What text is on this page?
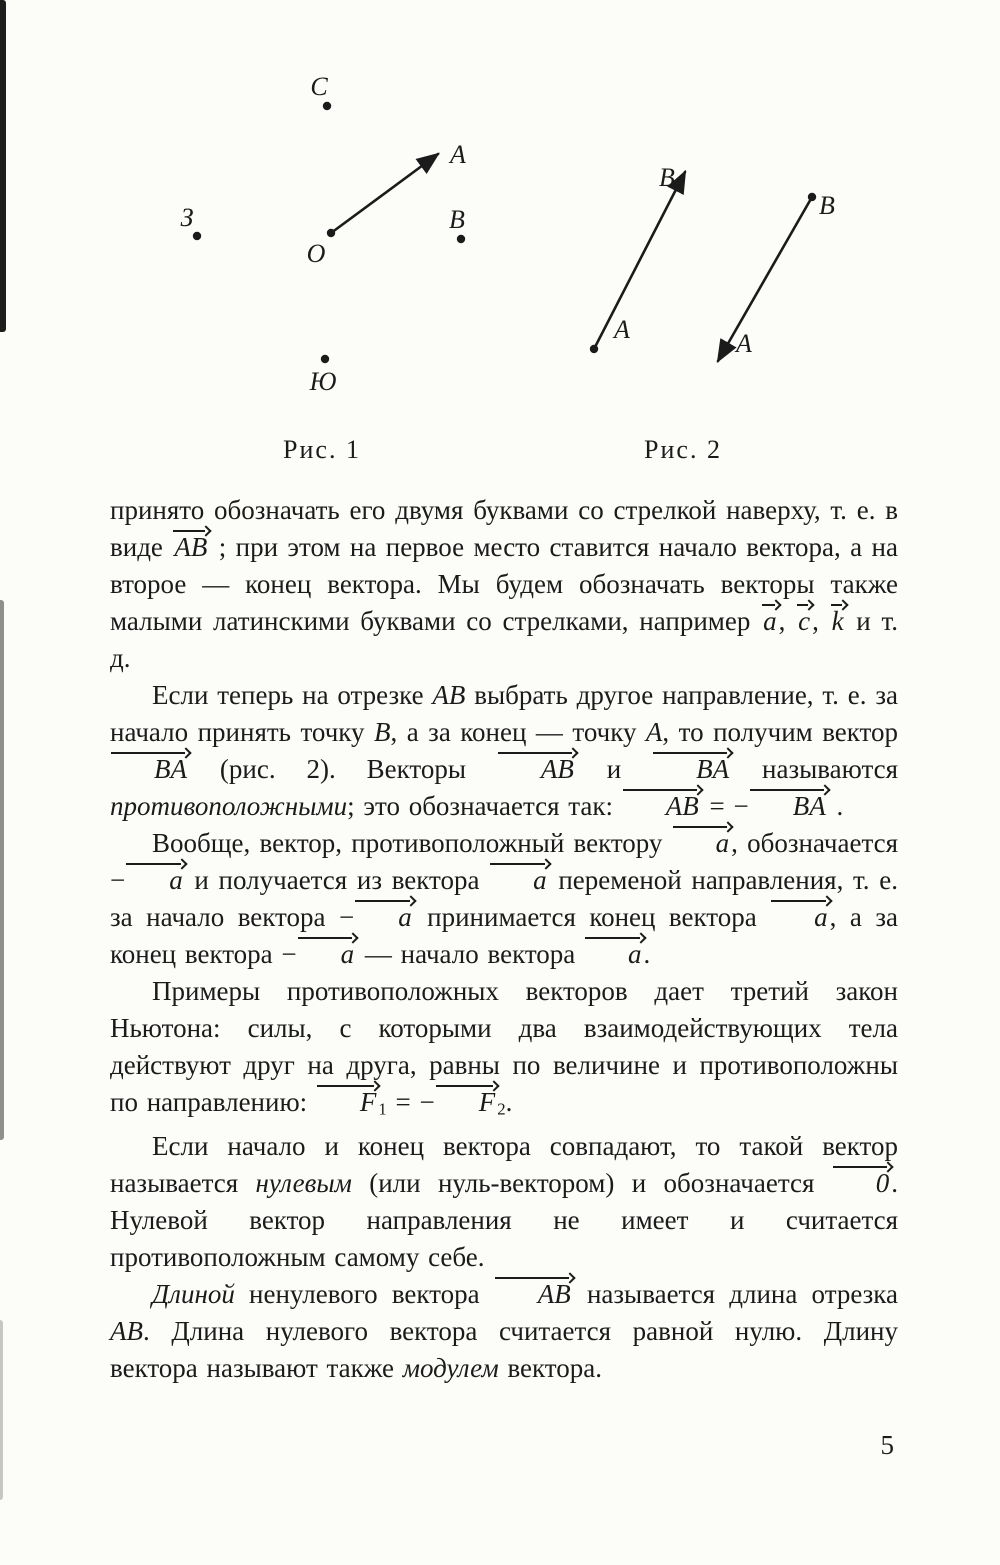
С
З
Ю
О
А
В
А
В
В
А
Рис. 1	Рис. 2

принято обозначать его двумя буквами со стрелкой наверху, т. е. в виде AB ; при этом на первое место ставится начало вектора, а на второе — конец вектора. Мы будем обозначать векторы также малыми латинскими буквами со стрелками, например a, c, k и т. д.

Если теперь на отрезке AB выбрать другое направление, т. е. за начало принять точку B, а за конец — точку A, то получим вектор BA (рис. 2). Векторы AB и BA называются противоположными; это обозначается так: AB = − BA .

Вообще, вектор, противоположный вектору a, обозначается − a и получается из вектора a переменой направления, т. е. за начало вектора − a принимается конец вектора a, а за конец вектора − a — начало вектора a.

Примеры противоположных векторов дает третий закон Ньютона: силы, с которыми два взаимодействующих тела действуют друг на друга, равны по величине и противоположны по направлению: F $_1$ = − F $_2$.

Если начало и конец вектора совпадают, то такой вектор называется нулевым (или нуль-вектором) и обозначается 0. Нулевой вектор направления не имеет и считается противоположным самому себе.

Длиной ненулевого вектора AB называется длина отрезка AB. Длина нулевого вектора считается равной нулю. Длину вектора называют также модулем вектора.

5
